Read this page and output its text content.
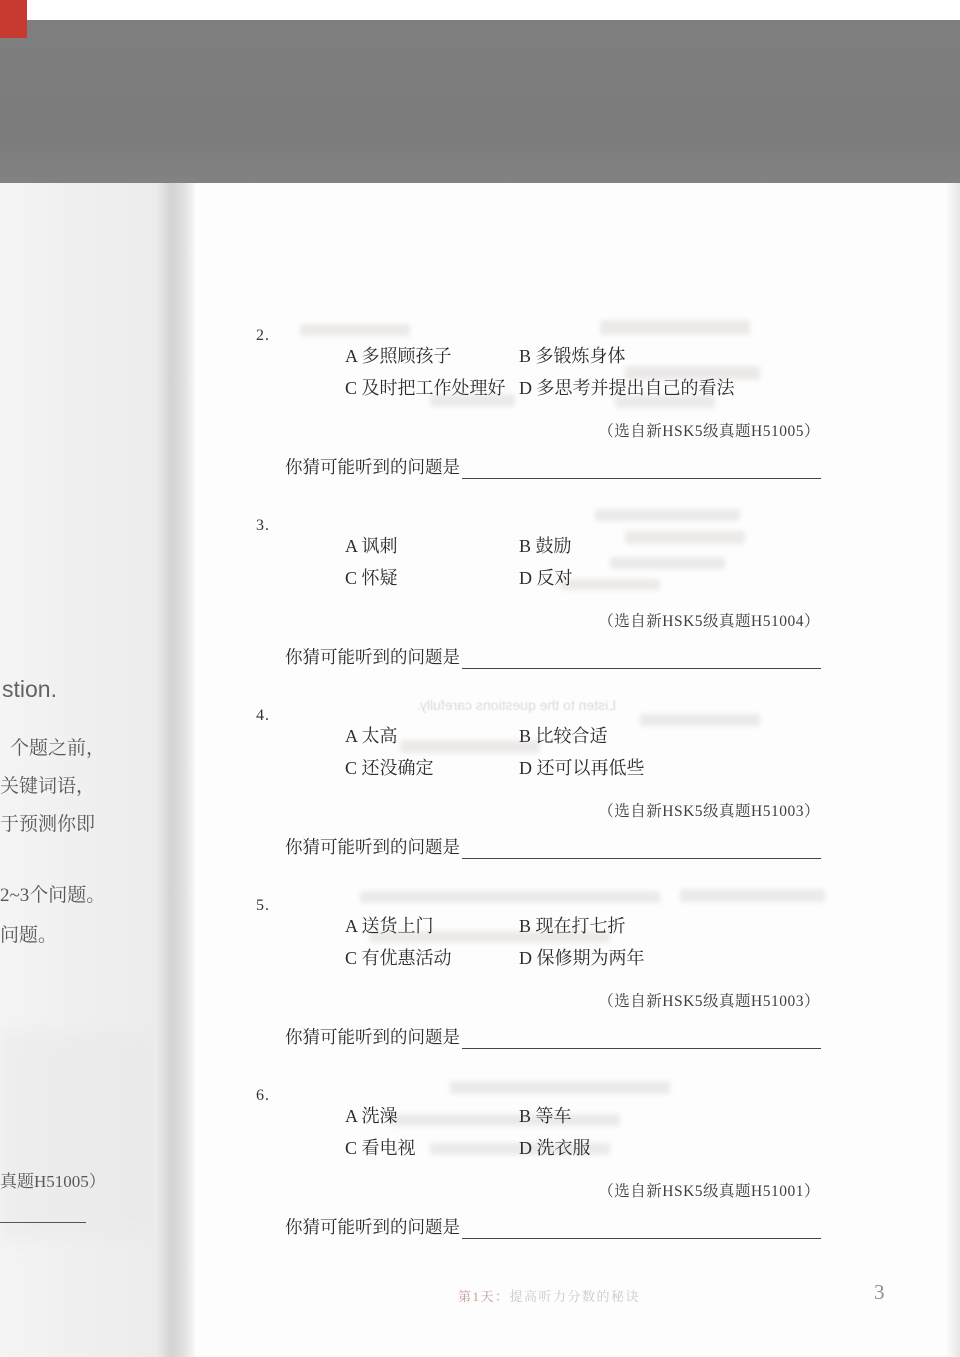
Listen to the questions carefully.
stion.
个题之前，
关键词语，
于预测你即
2~3个问题。
问题。
真题H51005）
2.
A 多照顾孩子	B 多锻炼身体
C 及时把工作处理好 D 多思考并提出自己的看法
（选自新HSK5级真题H51005）
你猜可能听到的问题是
3.
A 讽刺	B 鼓励
C 怀疑	D 反对
（选自新HSK5级真题H51004）
你猜可能听到的问题是
4.
A 太高	B 比较合适
C 还没确定	D 还可以再低些
（选自新HSK5级真题H51003）
你猜可能听到的问题是
5.
A 送货上门	B 现在打七折
C 有优惠活动	D 保修期为两年
（选自新HSK5级真题H51003）
你猜可能听到的问题是
6.
A 洗澡	B 等车
C 看电视	D 洗衣服
（选自新HSK5级真题H51001）
你猜可能听到的问题是
第1天：提高听力分数的秘诀	3
